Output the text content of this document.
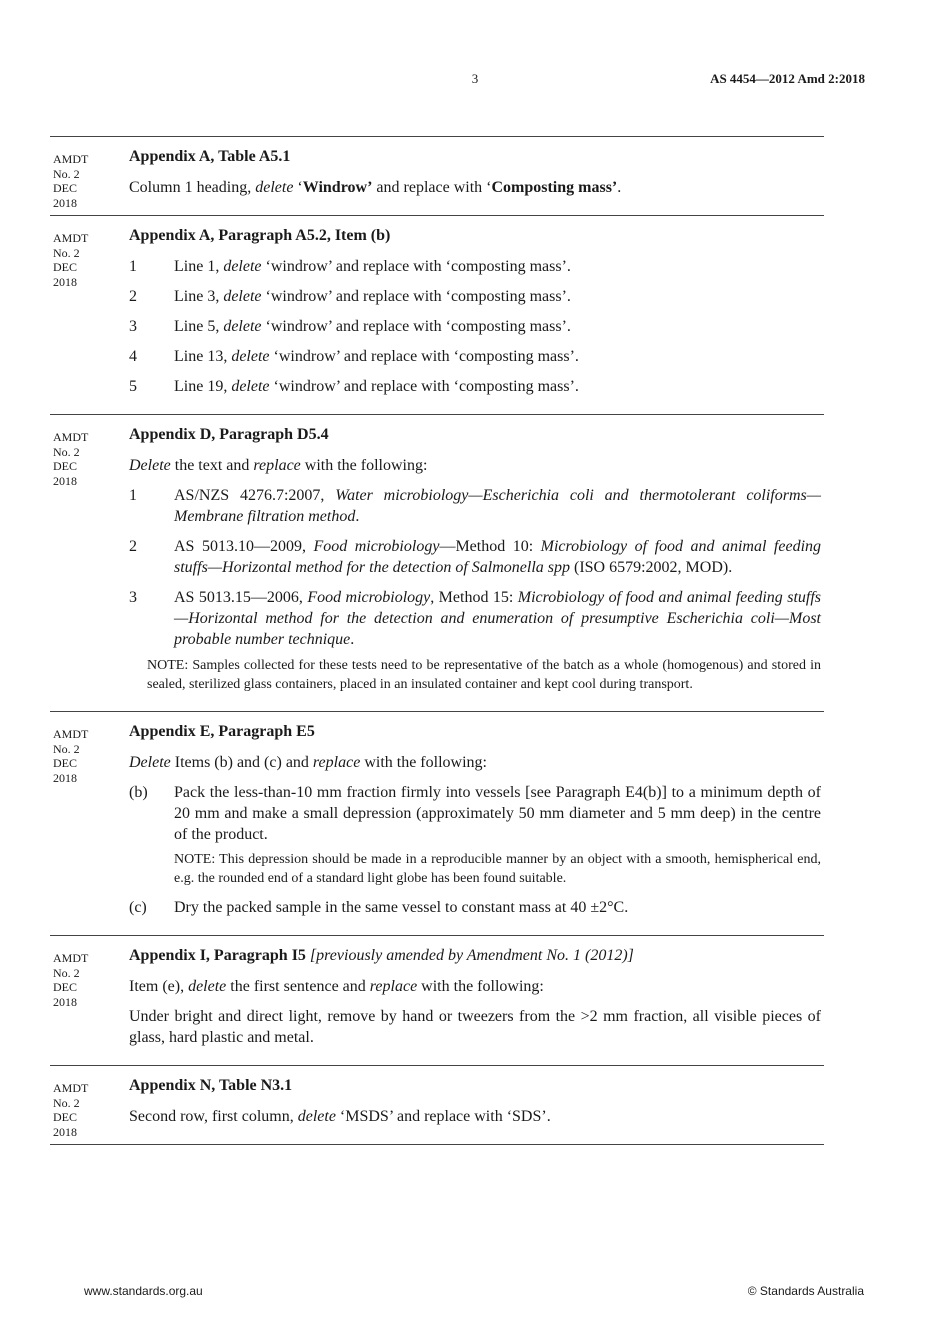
3	AS 4454—2012 Amd 2:2018
AMDT
No. 2
DEC
2018
Appendix A, Table A5.1

Column 1 heading, delete ‘Windrow’ and replace with ‘Composting mass’.

AMDT
No. 2
DEC
2018
Appendix A, Paragraph A5.2, Item (b)
1	Line 1, delete ‘windrow’ and replace with ‘composting mass’.
2	Line 3, delete ‘windrow’ and replace with ‘composting mass’.
3	Line 5, delete ‘windrow’ and replace with ‘composting mass’.
4	Line 13, delete ‘windrow’ and replace with ‘composting mass’.
5	Line 19, delete ‘windrow’ and replace with ‘composting mass’.
AMDT
No. 2
DEC
2018
Appendix D, Paragraph D5.4

Delete the text and replace with the following:

1	AS/NZS 4276.7:2007, Water microbiology—Escherichia coli and thermotolerant coliforms—Membrane filtration method.
2	AS 5013.10—2009, Food microbiology—Method 10: Microbiology of food and animal feeding stuffs—Horizontal method for the detection of Salmonella spp (ISO 6579:2002, MOD).
3	AS 5013.15—2006, Food microbiology, Method 15: Microbiology of food and animal feeding stuffs—Horizontal method for the detection and enumeration of presumptive Escherichia coli—Most probable number technique.

NOTE: Samples collected for these tests need to be representative of the batch as a whole (homogenous) and stored in sealed, sterilized glass containers, placed in an insulated container and kept cool during transport.

AMDT
No. 2
DEC
2018
Appendix E, Paragraph E5

Delete Items (b) and (c) and replace with the following:

(b)	Pack the less-than-10 mm fraction firmly into vessels [see Paragraph E4(b)] to a minimum depth of 20 mm and make a small depression (approximately 50 mm diameter and 5 mm deep) in the centre of the product.

NOTE: This depression should be made in a reproducible manner by an object with a smooth, hemispherical end, e.g. the rounded end of a standard light globe has been found suitable.

(c)	Dry the packed sample in the same vessel to constant mass at 40 ±2°C.
AMDT
No. 2
DEC
2018
Appendix I, Paragraph I5 [previously amended by Amendment No. 1 (2012)]

Item (e), delete the first sentence and replace with the following:

Under bright and direct light, remove by hand or tweezers from the >2 mm fraction, all visible pieces of glass, hard plastic and metal.

AMDT
No. 2
DEC
2018
Appendix N, Table N3.1

Second row, first column, delete ‘MSDS’ and replace with ‘SDS’.

www.standards.org.au	© Standards Australia
